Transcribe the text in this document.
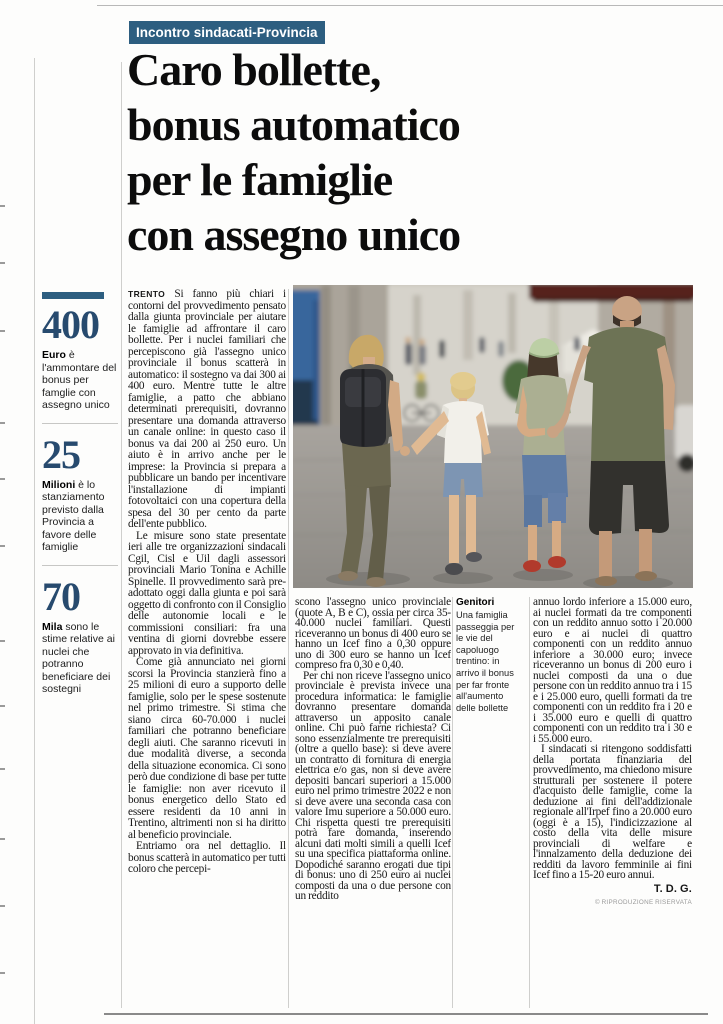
Incontro sindacati-Provincia
Caro bollette,
bonus automatico
per le famiglie
con assegno unico
400

Euro è l'ammontare del bonus per famglie con assegno unico

25

Milioni è lo stanziamento previsto dalla Provincia a favore delle famiglie

70

Mila sono le stime relative ai nuclei che potranno beneficiare dei sostegni

TRENTO Si fanno più chiari i contorni del provvedimento pensato dalla giunta provinciale per aiutare le famiglie ad affrontare il caro bollette. Per i nuclei familiari che percepiscono già l'assegno unico provinciale il bonus scatterà in automatico: il sostegno va dai 300 ai 400 euro. Mentre tutte le altre famiglie, a patto che abbiano determinati prerequisiti, dovranno presentare una domanda attraverso un canale online: in questo caso il bonus va dai 200 ai 250 euro. Un aiuto è in arrivo anche per le imprese: la Provincia si prepara a pubblicare un bando per incentivare l'installazione di impianti fotovoltaici con una copertura della spesa del 30 per cento da parte dell'ente pubblico.

Le misure sono state presentate ieri alle tre organizzazioni sindacali Cgil, Cisl e Uil dagli assessori provinciali Mario Tonina e Achille Spinelle. Il provvedimento sarà pre-adottato oggi dalla giunta e poi sarà oggetto di confronto con il Consiglio delle autonomie locali e le commissioni consiliari: fra una ventina di giorni dovrebbe essere approvato in via definitiva.

Come già annunciato nei giorni scorsi la Provincia stanzierà fino a 25 milioni di euro a supporto delle famiglie, solo per le spese sostenute nel primo trimestre. Si stima che siano circa 60-70.000 i nuclei familiari che potranno beneficiare degli aiuti. Che saranno ricevuti in due modalità diverse, a seconda della situazione economica. Ci sono però due condizione di base per tutte le famiglie: non aver ricevuto il bonus energetico dello Stato ed essere residenti da 10 anni in Trentino, altrimenti non si ha diritto al beneficio provinciale.

Entriamo ora nel dettaglio. Il bonus scatterà in automatico per tutti coloro che percepi-

scono l'assegno unico provinciale (quote A, B e C), ossia per circa 35-40.000 nuclei familiari. Questi riceveranno un bonus di 400 euro se hanno un Icef fino a 0,30 oppure uno di 300 euro se hanno un Icef compreso fra 0,30 e 0,40.

Per chi non riceve l'assegno unico provinciale è prevista invece una procedura informatica: le famiglie dovranno presentare domanda attraverso un apposito canale online. Chi può farne richiesta? Ci sono essenzialmente tre prerequisiti (oltre a quello base): si deve avere un contratto di fornitura di energia elettrica e/o gas, non si deve avere depositi bancari superiori a 15.000 euro nel primo trimestre 2022 e non si deve avere una seconda casa con valore Imu superiore a 50.000 euro. Chi rispetta questi tre prerequisiti potrà fare domanda, inserendo alcuni dati molti simili a quelli Icef su una specifica piattaforma online. Dopodiché saranno erogati due tipi di bonus: uno di 250 euro ai nuclei composti da una o due persone con un reddito

Genitori
Una famiglia passeggia per le vie del capoluogo trentino: in arrivo il bonus per far fronte all'aumento delle bollette

annuo lordo inferiore a 15.000 euro, ai nuclei formati da tre componenti con un reddito annuo sotto i 20.000 euro e ai nuclei di quattro componenti con un reddito annuo inferiore a 30.000 euro; invece riceveranno un bonus di 200 euro i nuclei composti da una o due persone con un reddito annuo tra i 15 e i 25.000 euro, quelli formati da tre componenti con un reddito fra i 20 e i 35.000 euro e quelli di quattro componenti con un reddito tra i 30 e i 55.000 euro.

I sindacati si ritengono soddisfatti della portata finanziaria del provvedimento, ma chiedono misure strutturali per sostenere il potere d'acquisto delle famiglie, come la deduzione ai fini dell'addizionale regionale all'Irpef fino a 20.000 euro (oggi è a 15), l'indicizzazione al costo della vita delle misure provinciali di welfare e l'innalzamento della deduzione dei redditi da lavoro femminile ai fini Icef fino a 15-20 euro annui.

T. D. G.
© RIPRODUZIONE RISERVATA
